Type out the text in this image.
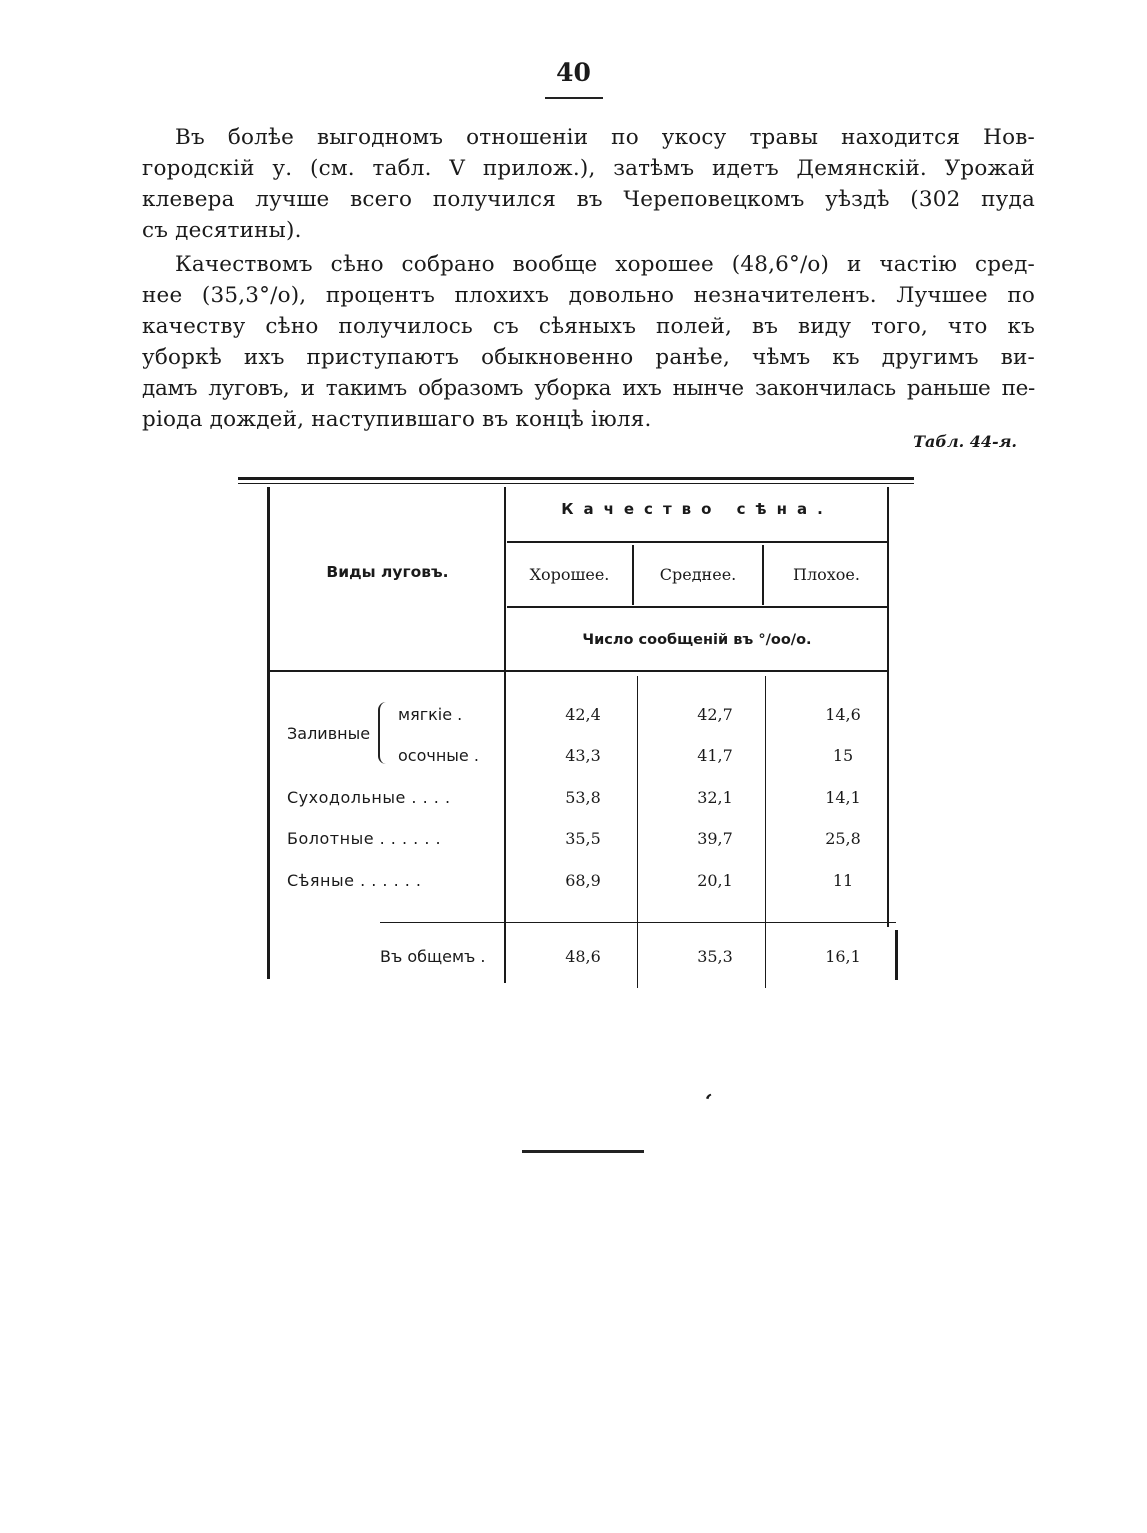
40

Въ болѣе выгодномъ отношеніи по укосу травы находится Нов-
городскій у. (см. табл. V прилож.), затѣмъ идетъ Демянскій. Урожай
клевера лучше всего получился въ Череповецкомъ уѣздѣ (302 пуда
съ десятины).

Качествомъ сѣно собрано вообще хорошее (48,6°/о) и частію сред-
нее (35,3°/о), процентъ плохихъ довольно незначителенъ. Лучшее по
качеству сѣно получилось съ сѣяныхъ полей, въ виду того, что къ
уборкѣ ихъ приступаютъ обыкновенно ранѣе, чѣмъ къ другимъ ви-
дамъ луговъ, и такимъ образомъ уборка ихъ нынче закончилась раньше пе-
ріода дождей, наступившаго въ концѣ іюля.

Табл. 44-я.
Качество сѣна.
Виды луговъ.	Хорошее.	Среднее.	Плохое.
Число сообщеній въ °/оо/о.
Заливные
мягкіе .	42,4	42,7	14,6
осочные .	43,3	41,7	15
Суходольные . . . .	53,8	32,1	14,1
Болотные . . . . . .	35,5	39,7	25,8
Сѣяные . . . . . .	68,9	20,1	11
Въ общемъ .	48,6	35,3	16,1
ʻ
